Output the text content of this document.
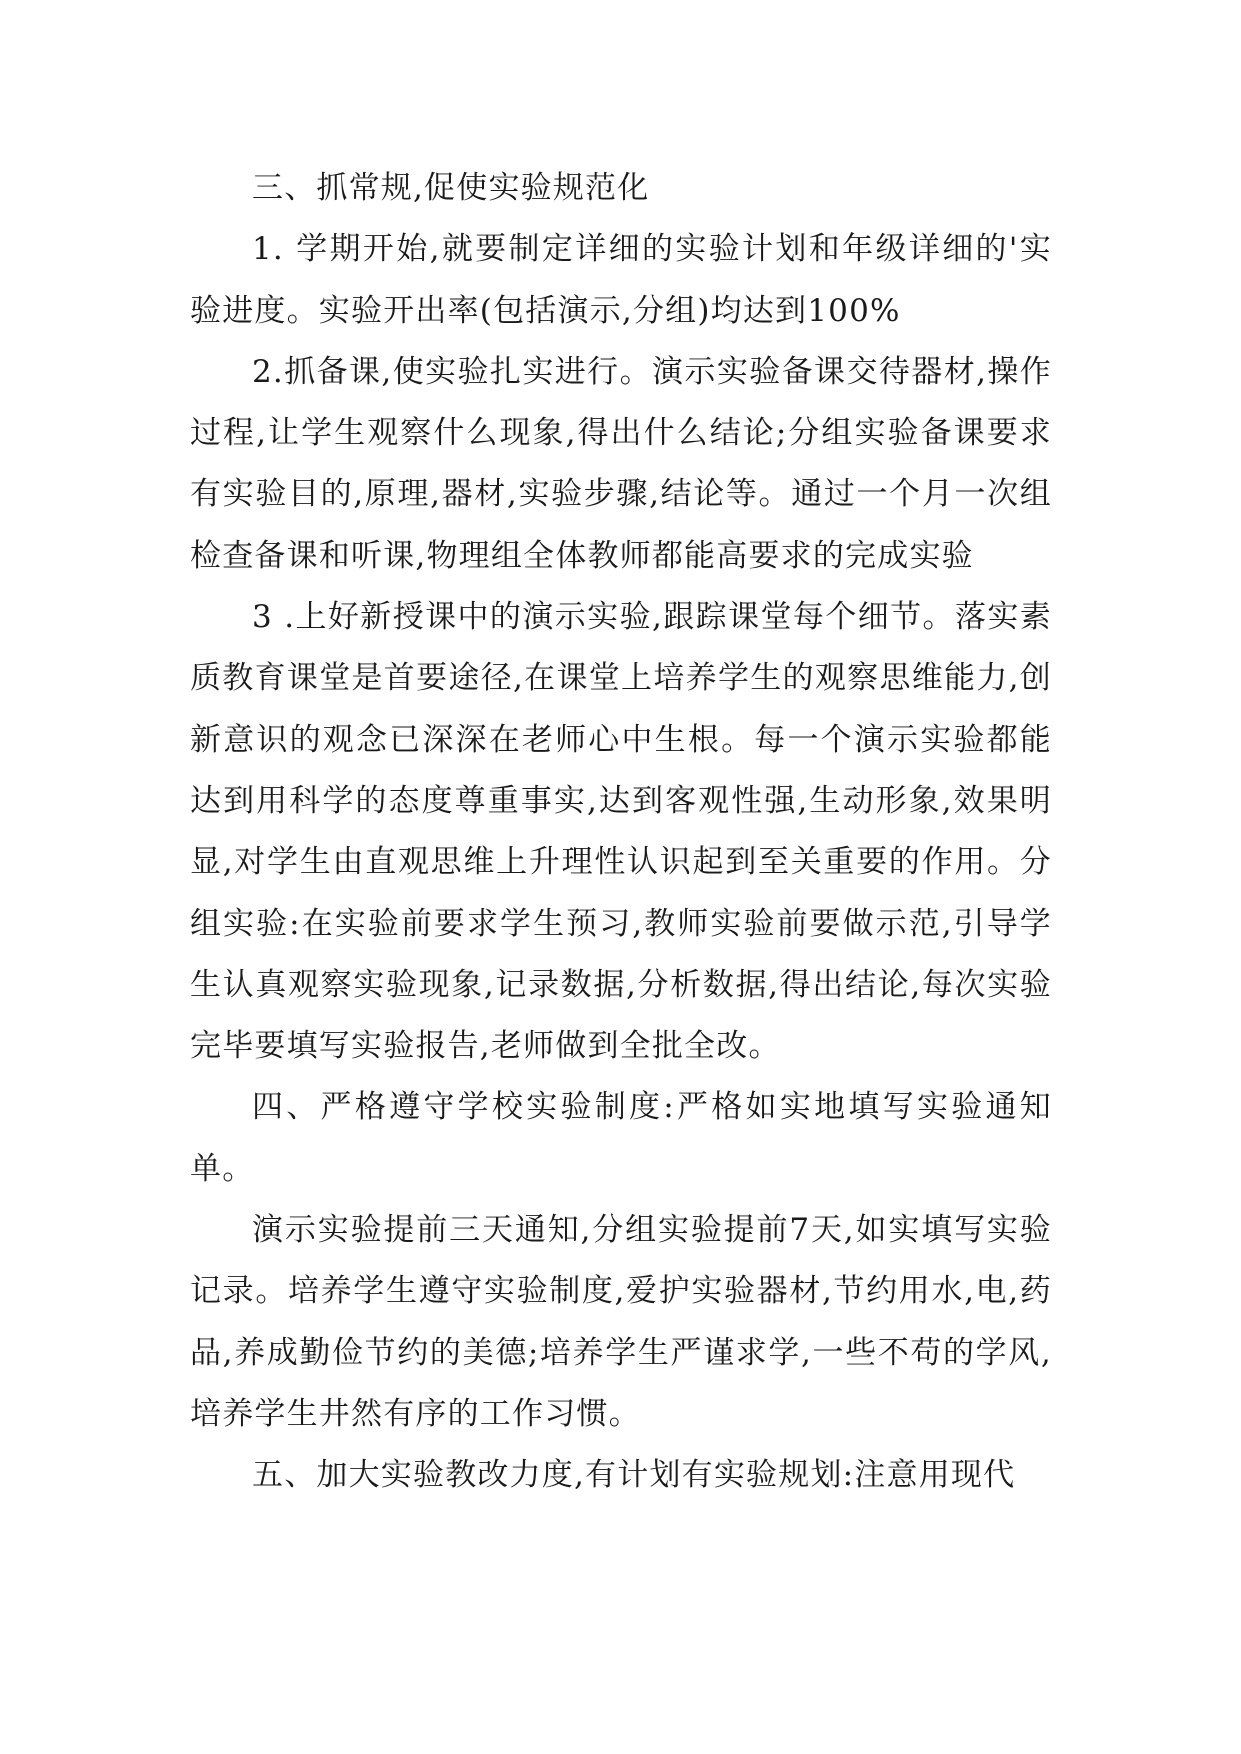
三、抓常规,促使实验规范化

1. 学期开始,就要制定详细的实验计划和年级详细的'实验进度。实验开出率(包括演示,分组)均达到100%

2.抓备课,使实验扎实进行。演示实验备课交待器材,操作过程,让学生观察什么现象,得出什么结论;分组实验备课要求有实验目的,原理,器材,实验步骤,结论等。通过一个月一次组检查备课和听课,物理组全体教师都能高要求的完成实验

3 .上好新授课中的演示实验,跟踪课堂每个细节。落实素质教育课堂是首要途径,在课堂上培养学生的观察思维能力,创新意识的观念已深深在老师心中生根。每一个演示实验都能达到用科学的态度尊重事实,达到客观性强,生动形象,效果明显,对学生由直观思维上升理性认识起到至关重要的作用。分组实验:在实验前要求学生预习,教师实验前要做示范,引导学生认真观察实验现象,记录数据,分析数据,得出结论,每次实验完毕要填写实验报告,老师做到全批全改。

四、严格遵守学校实验制度:严格如实地填写实验通知单。

演示实验提前三天通知,分组实验提前7天,如实填写实验记录。培养学生遵守实验制度,爱护实验器材,节约用水,电,药品,养成勤俭节约的美德;培养学生严谨求学,一些不苟的学风,培养学生井然有序的工作习惯。

五、加大实验教改力度,有计划有实验规划:注意用现代
